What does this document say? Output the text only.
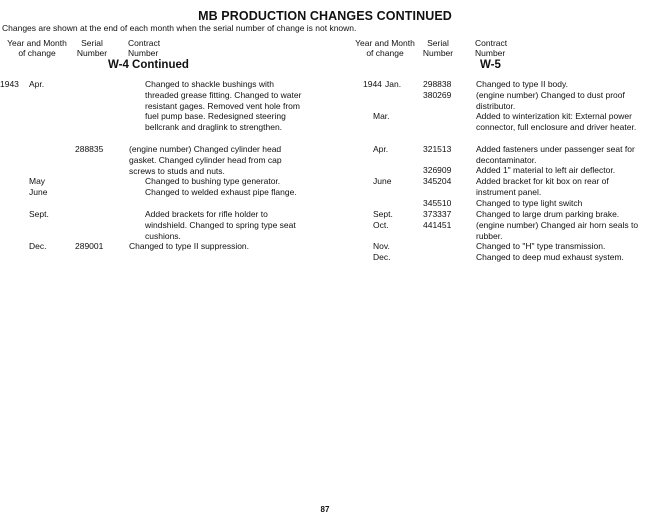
MB PRODUCTION CHANGES CONTINUED
Changes are shown at the end of each month when the serial number of change is not known.
Year and Month
of change
Serial
Number
Contract
Number
W-4 Continued
Year and Month
of change
Serial
Number
Contract
Number
W-5
1943 Apr.	Changed to shackle bushings with threaded grease fitting. Changed to water resistant gages. Removed vent hole from fuel pump base. Redesigned steering bellcrank and draglink to strengthen.
288835	(engine number) Changed cylinder head gasket. Changed cylinder head from cap screws to studs and nuts.
May	Changed to bushing type generator.
June	Changed to welded exhaust pipe flange.
Sept.	Added brackets for rifle holder to windshield. Changed to spring type seat cushions.
Dec.	289001	Changed to type II suppression.
1944 Jan.	298838	Changed to type II body.
380269	(engine number) Changed to dust proof distributor.
Mar.	Added to winterization kit: External power connector, full enclosure and driver heater.
Apr.	321513	Added fasteners under passenger seat for decontaminator.
326909	Added 1" material to left air deflector.
June	345204	Added bracket for kit box on rear of instrument panel.
345510	Changed to type light switch
Sept.	373337	Changed to large drum parking brake.
Oct.	441451	(engine number) Changed air horn seals to rubber.
Nov.	Changed to "H" type transmission.
Dec.	Changed to deep mud exhaust system.
87
